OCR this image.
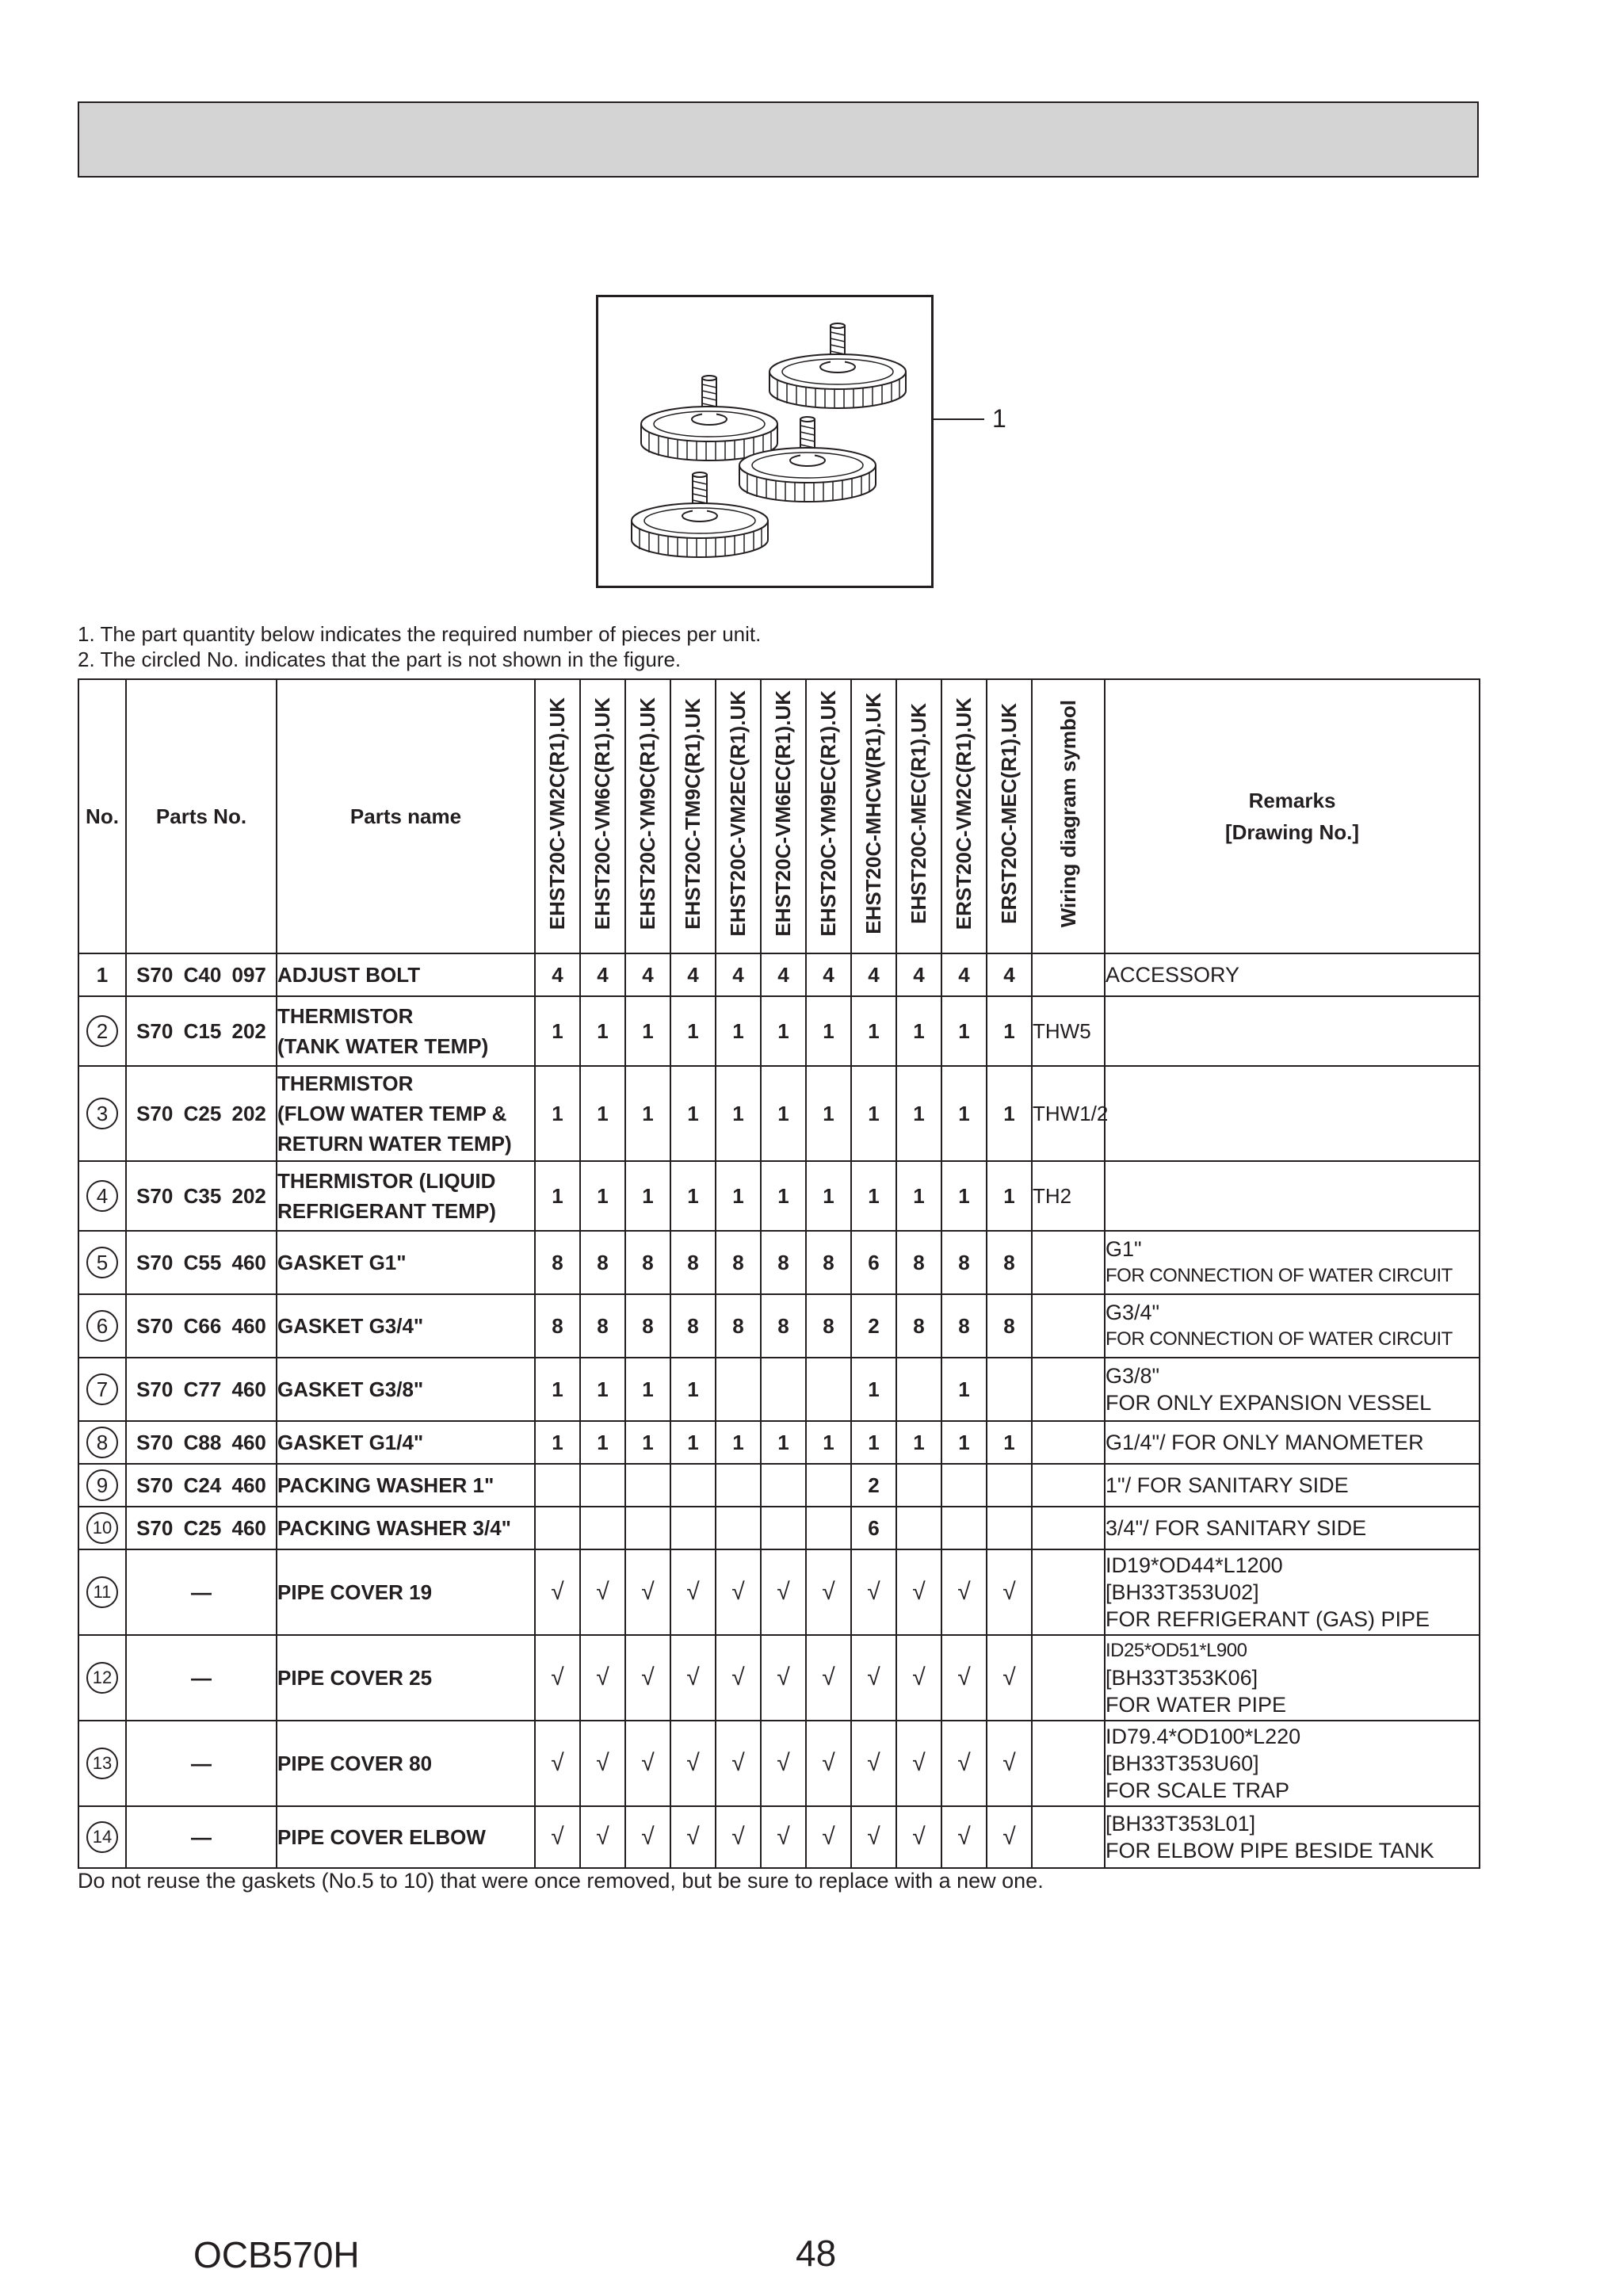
1
1. The part quantity below indicates the required number of pieces per unit.
2. The circled No. indicates that the part is not shown in the figure.
No.	Parts No.	Parts name	EHST20C-VM2C(R1).UK	EHST20C-VM6C(R1).UK	EHST20C-YM9C(R1).UK	EHST20C-TM9C(R1).UK	EHST20C-VM2EC(R1).UK	EHST20C-VM6EC(R1).UK	EHST20C-YM9EC(R1).UK	EHST20C-MHCW(R1).UK	EHST20C-MEC(R1).UK	ERST20C-VM2C(R1).UK	ERST20C-MEC(R1).UK	Wiring diagram symbol	Remarks
[Drawing No.]

1	S70 C40 097	ADJUST BOLT	4	4	4	4	4	4	4	4	4	4	4		ACCESSORY

2	S70 C15 202	THERMISTOR
(TANK WATER TEMP)	1	1	1	1	1	1	1	1	1	1	1	THW5	
3	S70 C25 202	THERMISTOR
(FLOW WATER TEMP &
RETURN WATER TEMP)	1	1	1	1	1	1	1	1	1	1	1	THW1/2	
4	S70 C35 202	THERMISTOR (LIQUID
REFRIGERANT TEMP)	1	1	1	1	1	1	1	1	1	1	1	TH2	
5	S70 C55 460	GASKET G1"	8	8	8	8	8	8	8	6	8	8	8		G1"
FOR CONNECTION OF WATER CIRCUIT

6	S70 C66 460	GASKET G3/4"	8	8	8	8	8	8	8	2	8	8	8		G3/4"
FOR CONNECTION OF WATER CIRCUIT

7	S70 C77 460	GASKET G3/8"	1	1	1	1				1		1			G3/8"
FOR ONLY EXPANSION VESSEL

8	S70 C88 460	GASKET G1/4"	1	1	1	1	1	1	1	1	1	1	1		G1/4"/ FOR ONLY MANOMETER

9	S70 C24 460	PACKING WASHER 1"								2					1"/ FOR SANITARY SIDE

10	S70 C25 460	PACKING WASHER 3/4"								6					3/4"/ FOR SANITARY SIDE

11	—	PIPE COVER 19	√	√	√	√	√	√	√	√	√	√	√		ID19*OD44*L1200
[BH33T353U02]
FOR REFRIGERANT (GAS) PIPE

12	—	PIPE COVER 25	√	√	√	√	√	√	√	√	√	√	√		ID25*OD51*L900
[BH33T353K06]
FOR WATER PIPE

13	—	PIPE COVER 80	√	√	√	√	√	√	√	√	√	√	√		ID79.4*OD100*L220
[BH33T353U60]
FOR SCALE TRAP

14	—	PIPE COVER ELBOW	√	√	√	√	√	√	√	√	√	√	√		[BH33T353L01]
FOR ELBOW PIPE BESIDE TANK
Do not reuse the gaskets (No.5 to 10) that were once removed, but be sure to replace with a new one.
OCB570H	48
